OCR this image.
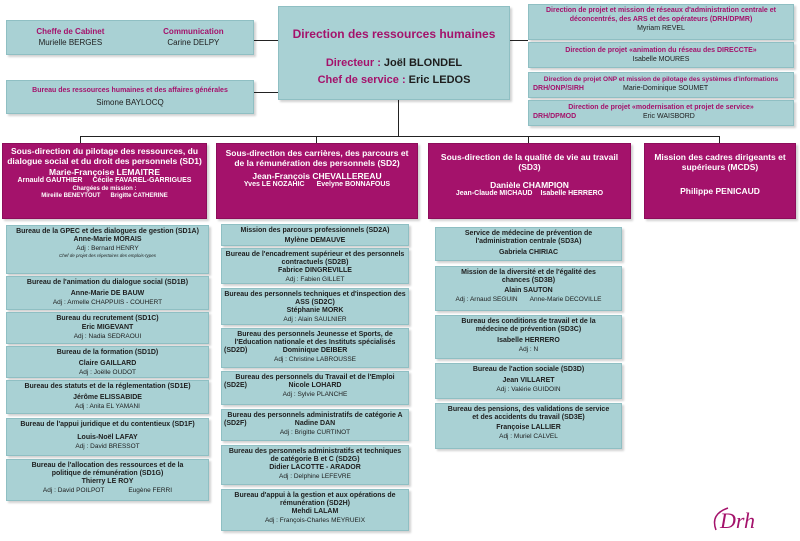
Cheffe de Cabinet
Murielle BERGES
Communication
Carine DELPY
Bureau des ressources humaines et des affaires générales
Simone BAYLOCQ
Direction des ressources humaines
Directeur : Joël BLONDEL
Chef de service : Eric LEDOS
Direction de projet et mission de réseaux d'administration centrale et déconcentrés, des ARS et des opérateurs (DRH/DPMR)
Myriam REVEL
Direction de projet «animation du réseau des DIRECCTE»
Isabelle MOURES
Direction de projet ONP et mission de pilotage des systèmes d'informations
DRH/ONP/SIRH	Marie-Dominique SOUMET
Direction de projet «modernisation et projet de service»
DRH/DPMOD	Eric WAISBORD
Sous-direction du pilotage des ressources, du dialogue social et du droit des personnels (SD1)
Marie-Françoise LEMAITRE
Arnauld GAUTHIER Cécile FAVAREL-GARRIGUES
Chargées de mission :
Mireille BENEYTOUT Brigitte CATHERINE
Sous-direction des carrières, des parcours et de la rémunération des personnels (SD2)
Jean-François CHEVALLEREAU
Yves LE NOZAHIC Evelyne BONNAFOUS
Sous-direction de la qualité de vie au travail (SD3)
Danièle CHAMPION
Jean-Claude MICHAUD Isabelle HERRERO
Mission des cadres dirigeants et supérieurs (MCDS)
Philippe PENICAUD
Bureau de la GPEC et des dialogues de gestion (SD1A)
Anne-Marie MORAIS
Adj : Bernard HENRY
Chef de projet des répertoires des emplois-types
Bureau de l'animation du dialogue social (SD1B)
Anne-Marie DE BAUW
Adj : Armelle CHAPPUIS - COUHERT
Bureau du recrutement (SD1C)
Eric MIGEVANT
Adj : Nadia SEDRAOUI
Bureau de la formation (SD1D)
Claire GAILLARD
Adj : Joëlle OUDOT
Bureau des statuts et de la réglementation (SD1E)
Jérôme ELISSABIDE
Adj : Anita EL YAMANI
Bureau de l'appui juridique et du contentieux (SD1F)
Louis-Noël LAFAY
Adj : David BRESSOT
Bureau de l'allocation des ressources et de la politique de rémunération (SD1G)
Thierry LE ROY
Adj : David POILPOT	Eugène FERRI
Mission des parcours professionnels (SD2A)
Mylène DEMAUVE
Bureau de l'encadrement supérieur et des personnels contractuels (SD2B)
Fabrice DINGREVILLE
Adj : Fabien GILLET
Bureau des personnels techniques et d'inspection des ASS (SD2C)
Stéphanie MORK
Adj : Alain SAULNIER
Bureau des personnels Jeunesse et Sports, de l'Education nationale et des Instituts spécialisés
(SD2D)	Dominique DEIBER
Adj : Christine LABROUSSE
Bureau des personnels du Travail et de l'Emploi
(SD2E)	Nicole LOHARD
Adj : Sylvie PLANCHE
Bureau des personnels administratifs de catégorie A
(SD2F)	Nadine DAN
Adj : Brigitte CURTINOT
Bureau des personnels administratifs et techniques de catégorie B et C (SD2G)
Didier LACOTTE - ARADOR
Adj : Delphine LEFEVRE
Bureau d'appui à la gestion et aux opérations de rémunération (SD2H)
Mehdi LALAM
Adj : François-Charles MEYRUEIX
Service de médecine de prévention de l'administration centrale (SD3A)
Gabriela CHIRIAC
Mission de la diversité et de l'égalité des chances (SD3B)
Alain SAUTON
Adj : Arnaud SEGUIN Anne-Marie DECOVILLE
Bureau des conditions de travail et de la médecine de prévention (SD3C)
Isabelle HERRERO
Adj : N
Bureau de l'action sociale (SD3D)
Jean VILLARET
Adj : Valérie GUIDOIN
Bureau des pensions, des validations de service et des accidents du travail (SD3E)
Françoise LALLIER
Adj : Muriel CALVEL
Drh
